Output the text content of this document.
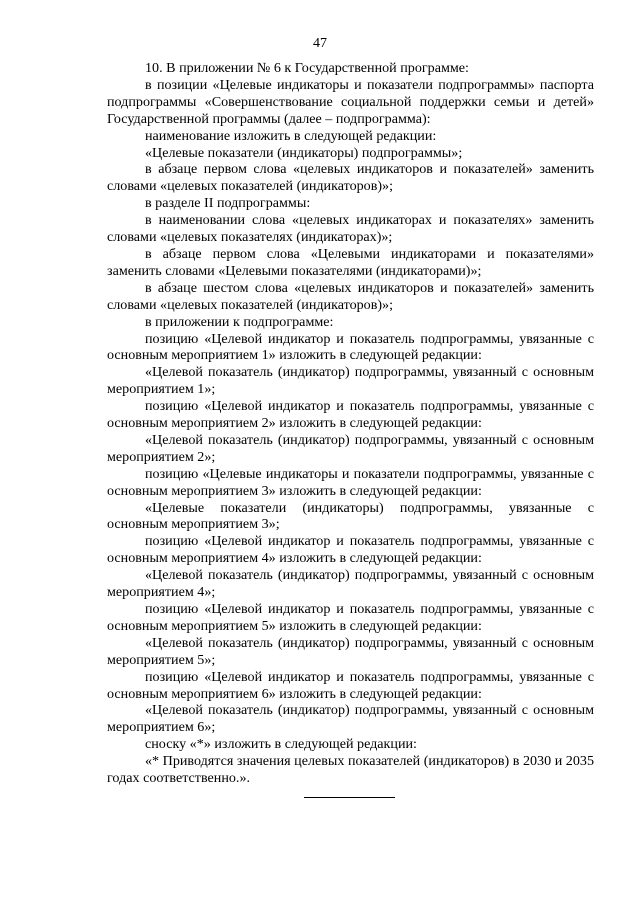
47

10. В приложении № 6 к Государственной программе:

в позиции «Целевые индикаторы и показатели подпрограммы» паспорта подпрограммы «Совершенствование социальной поддержки семьи и детей» Государственной программы (далее – подпрограмма):

наименование изложить в следующей редакции:

«Целевые показатели (индикаторы) подпрограммы»;

в абзаце первом слова «целевых индикаторов и показателей» заменить словами «целевых показателей (индикаторов)»;

в разделе II подпрограммы:

в наименовании слова «целевых индикаторах и показателях» заменить словами «целевых показателях (индикаторах)»;

в абзаце первом слова «Целевыми индикаторами и показателями» заменить словами «Целевыми показателями (индикаторами)»;

в абзаце шестом слова «целевых индикаторов и показателей» заменить словами «целевых показателей (индикаторов)»;

в приложении к подпрограмме:

позицию «Целевой индикатор и показатель подпрограммы, увязанные с основным мероприятием 1» изложить в следующей редакции:

«Целевой показатель (индикатор) подпрограммы, увязанный с основным мероприятием 1»;

позицию «Целевой индикатор и показатель подпрограммы, увязанные с основным мероприятием 2» изложить в следующей редакции:

«Целевой показатель (индикатор) подпрограммы, увязанный с основным мероприятием 2»;

позицию «Целевые индикаторы и показатели подпрограммы, увязанные с основным мероприятием 3» изложить в следующей редакции:

«Целевые показатели (индикаторы) подпрограммы, увязанные с основным мероприятием 3»;

позицию «Целевой индикатор и показатель подпрограммы, увязанные с основным мероприятием 4» изложить в следующей редакции:

«Целевой показатель (индикатор) подпрограммы, увязанный с основным мероприятием 4»;

позицию «Целевой индикатор и показатель подпрограммы, увязанные с основным мероприятием 5» изложить в следующей редакции:

«Целевой показатель (индикатор) подпрограммы, увязанный с основным мероприятием 5»;

позицию «Целевой индикатор и показатель подпрограммы, увязанные с основным мероприятием 6» изложить в следующей редакции:

«Целевой показатель (индикатор) подпрограммы, увязанный с основным мероприятием 6»;

сноску «*» изложить в следующей редакции:

«* Приводятся значения целевых показателей (индикаторов) в 2030 и 2035 годах соответственно.».
